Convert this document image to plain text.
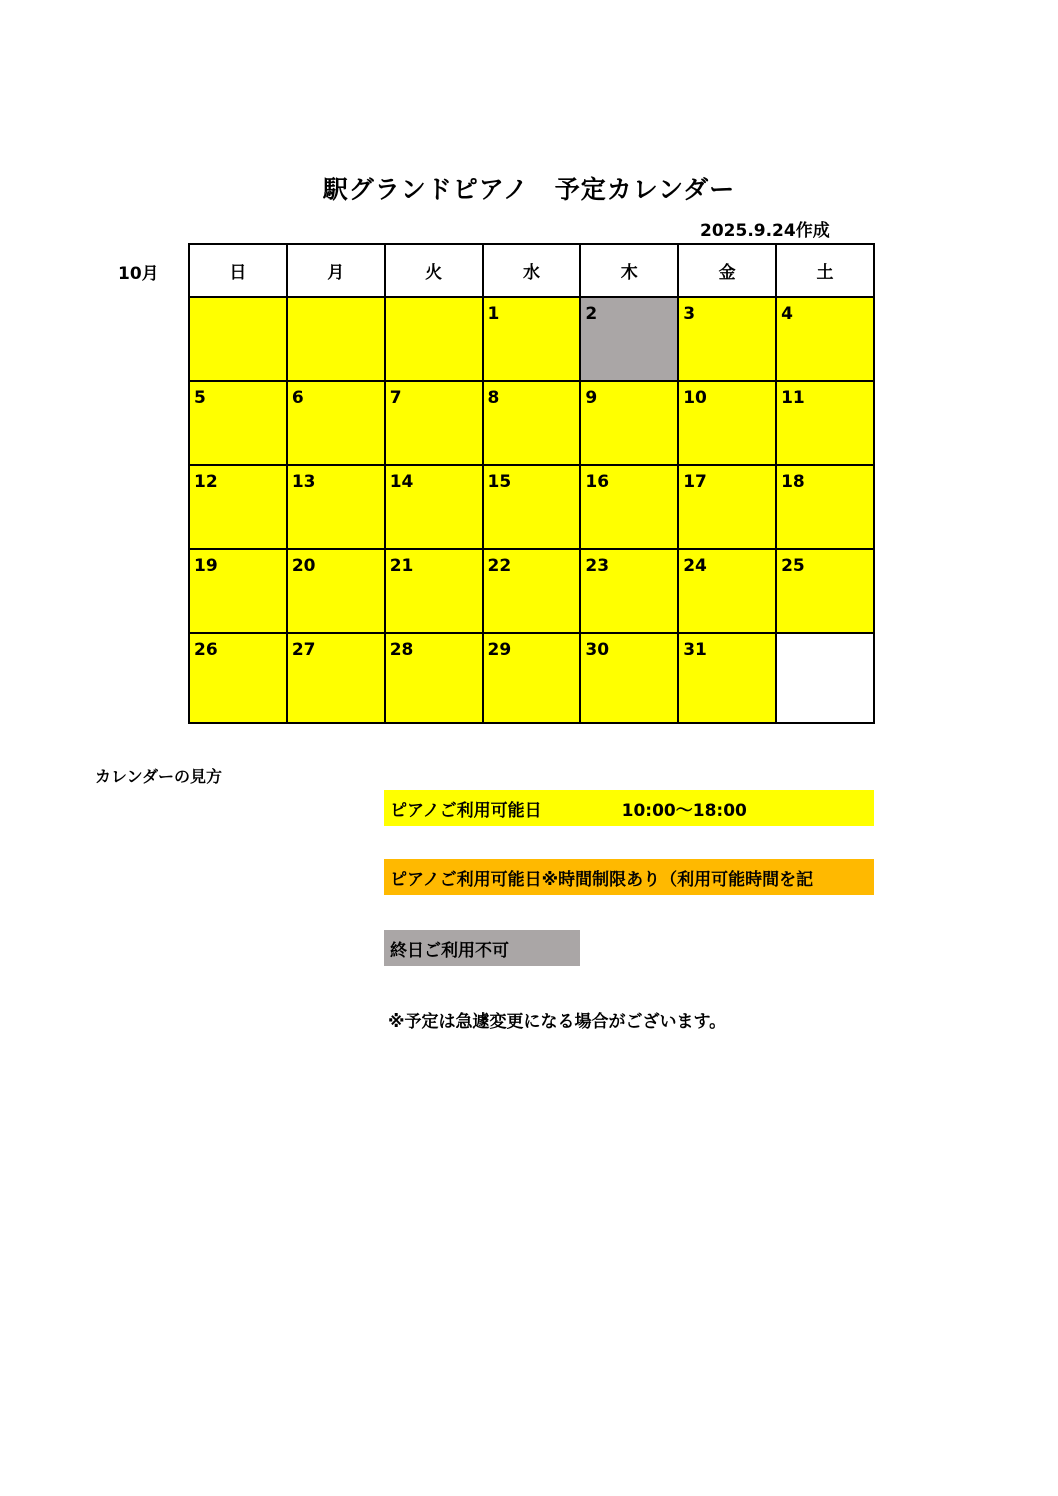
駅グランドピアノ　予定カレンダー
2025.9.24作成
10月	日	月	火	水	木	金	土

			1	2	3	4

5	6	7	8	9	10	11

12	13	14	15	16	17	18

19	20	21	22	23	24	25

26	27	28	29	30	31	

カレンダーの見方
ピアノご利用可能日	10:00～18:00
ピアノご利用可能日※時間制限あり（利用可能時間を記
終日ご利用不可
※予定は急遽変更になる場合がございます。
